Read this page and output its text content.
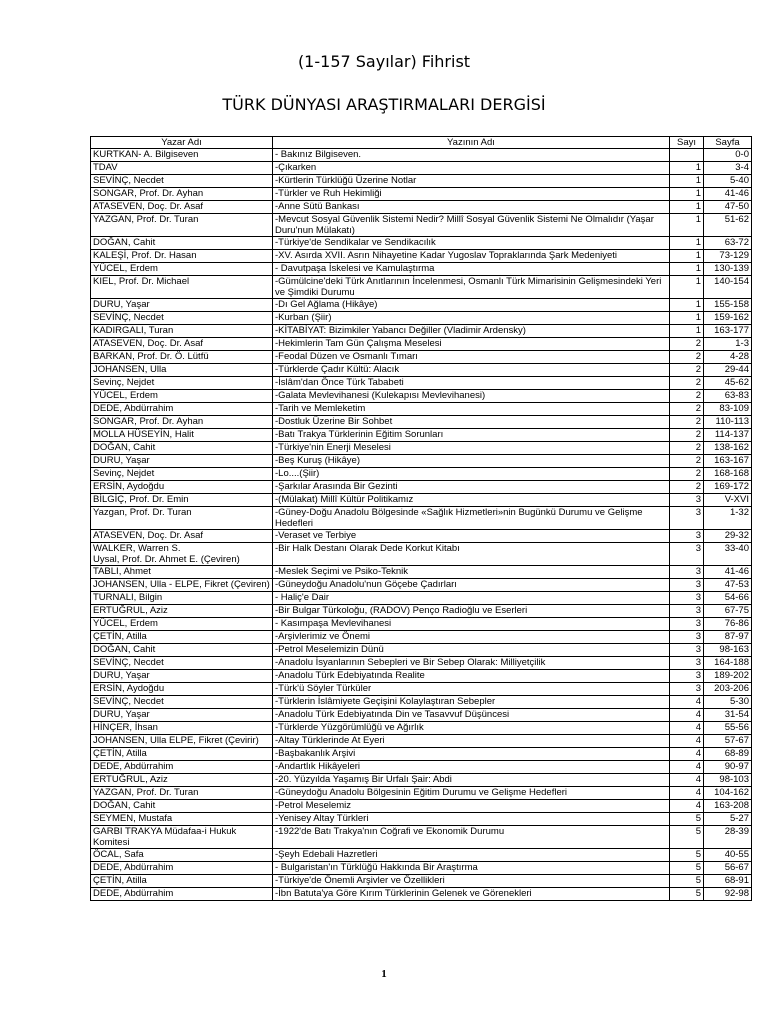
(1-157 Sayılar) Fihrist
TÜRK DÜNYASI ARAŞTIRMALARI DERGİSİ
Yazar Adı	Yazının Adı	Sayı	Sayfa
KURTKAN- A. Bilgiseven	- Bakınız Bilgiseven.		0-0
TDAV	-Çıkarken	1	3-4
SEVİNÇ, Necdet	-Kürtlerin Türklüğü Üzerine Notlar	1	5-40
SONGAR, Prof. Dr. Ayhan	-Türkler ve Ruh Hekimliği	1	41-46
ATASEVEN, Doç. Dr. Asaf	-Anne Sütü Bankası	1	47-50
YAZGAN, Prof. Dr. Turan	-Mevcut Sosyal Güvenlik Sistemi Nedir? Millî Sosyal Güvenlik Sistemi Ne Olmalıdır (Yaşar Duru'nun Mülakatı)	1	51-62
DOĞAN, Cahit	-Türkiye'de Sendikalar ve Sendikacılık	1	63-72
KALEŞİ, Prof. Dr. Hasan	-XV. Asırda XVII. Asrın Nihayetine Kadar Yugoslav Topraklarında Şark Medeniyeti	1	73-129
YÜCEL, Erdem	- Davutpaşa İskelesi ve Kamulaştırma	1	130-139
KIEL, Prof. Dr. Michael	-Gümülcine'deki Türk Anıtlarının İncelenmesi, Osmanlı Türk Mimarisinin Gelişmesindeki Yeri ve Şimdiki Durumu	1	140-154
DURU, Yaşar	-Dı Gel Ağlama (Hikâye)	1	155-158
SEVİNÇ, Necdet	-Kurban (Şiir)	1	159-162
KADIRGALI, Turan	-KİTABİYAT: Bizimkiler Yabancı Değiller (Vladimir Ardensky)	1	163-177
ATASEVEN, Doç. Dr. Asaf	-Hekimlerin Tam Gün Çalışma Meselesi	2	1-3
BARKAN, Prof. Dr. Ö. Lütfü	-Feodal Düzen ve Osmanlı Tımarı	2	4-28
JOHANSEN, Ulla	-Türklerde Çadır Kültü: Alacık	2	29-44
Sevinç, Nejdet	-İslâm'dan Önce Türk Tababeti	2	45-62
YÜCEL, Erdem	-Galata Mevlevihanesi (Kulekapısı Mevlevihanesi)	2	63-83
DEDE, Abdürrahim	-Tarih ve Memleketim	2	83-109
SONGAR, Prof. Dr. Ayhan	-Dostluk Üzerine Bir Sohbet	2	110-113
MOLLA HÜSEYİN, Halit	-Batı Trakya Türklerinin Eğitim Sorunları	2	114-137
DOĞAN, Cahit	-Türkiye'nin Enerji Meselesi	2	138-162
DURU, Yaşar	-Beş Kuruş (Hikâye)	2	163-167
Sevinç, Nejdet	-Lo....(Şiir)	2	168-168
ERSİN, Aydoğdu	-Şarkılar Arasında Bir Gezinti	2	169-172
BİLGİÇ, Prof. Dr. Emin	-(Mülakat) Millî Kültür Politikamız	3	V-XVI
Yazgan, Prof. Dr. Turan	-Güney-Doğu Anadolu Bölgesinde «Sağlık Hizmetleri»nin Bugünkü Durumu ve Gelişme Hedefleri	3	1-32
ATASEVEN, Doç. Dr. Asaf	-Veraset ve Terbiye	3	29-32
WALKER, Warren S.
Uysal, Prof. Dr. Ahmet E. (Çeviren)	-Bir Halk Destanı Olarak Dede Korkut Kitabı	3	33-40
TABLI, Ahmet	-Meslek Seçimi ve Psiko-Teknik	3	41-46
JOHANSEN, Ulla - ELPE, Fikret (Çeviren)	-Güneydoğu Anadolu'nun Göçebe Çadırları	3	47-53
TURNALI, Bilgin	- Haliç'e Dair	3	54-66
ERTUĞRUL, Aziz	-Bir Bulgar Türkoloğu, (RADOV) Penço Radioğlu ve Eserleri	3	67-75
YÜCEL, Erdem	- Kasımpaşa Mevlevihanesi	3	76-86
ÇETİN, Atilla	-Arşivlerimiz ve Önemi	3	87-97
DOĞAN, Cahit	-Petrol Meselemizin Dünü	3	98-163
SEVİNÇ, Necdet	-Anadolu İsyanlarının Sebepleri ve Bir Sebep Olarak: Milliyetçilik	3	164-188
DURU, Yaşar	-Anadolu Türk Edebiyatında Realite	3	189-202
ERSİN, Aydoğdu	-Türk'ü Söyler Türküler	3	203-206
SEVİNÇ, Necdet	-Türklerin İslâmiyete Geçişini Kolaylaştıran Sebepler	4	5-30
DURU, Yaşar	-Anadolu Türk Edebiyatında Din ve Tasavvuf Düşüncesi	4	31-54
HİNÇER, İhsan	-Türklerde Yüzgörümlüğü ve Ağırlık	4	55-56
JOHANSEN, Ulla ELPE, Fikret (Çevirir)	-Altay Türklerinde At Eyeri	4	57-67
ÇETİN, Atilla	-Başbakanlık Arşivi	4	68-89
DEDE, Abdürrahim	-Andartlık Hikâyeleri	4	90-97
ERTUĞRUL, Aziz	-20. Yüzyılda Yaşamış Bir Urfalı Şair: Abdi	4	98-103
YAZGAN, Prof. Dr. Turan	-Güneydoğu Anadolu Bölgesinin Eğitim Durumu ve Gelişme Hedefleri	4	104-162
DOĞAN, Cahit	-Petrol Meselemiz	4	163-208
SEYMEN, Mustafa	-Yenisey Altay Türkleri	5	5-27
GARBI TRAKYA Müdafaa-i Hukuk Komitesi	-1922'de Batı Trakya'nın Coğrafi ve Ekonomik Durumu	5	28-39
ÖCAL, Safa	-Şeyh Edebali Hazretleri	5	40-55
DEDE, Abdürrahim	- Bulgaristan'ın Türklüğü Hakkında Bir Araştırma	5	56-67
ÇETİN, Atilla	-Türkiye'de Önemli Arşivler ve Özellikleri	5	68-91
DEDE, Abdürrahim	-İbn Batuta'ya Göre Kırım Türklerinin Gelenek ve Görenekleri	5	92-98
1
